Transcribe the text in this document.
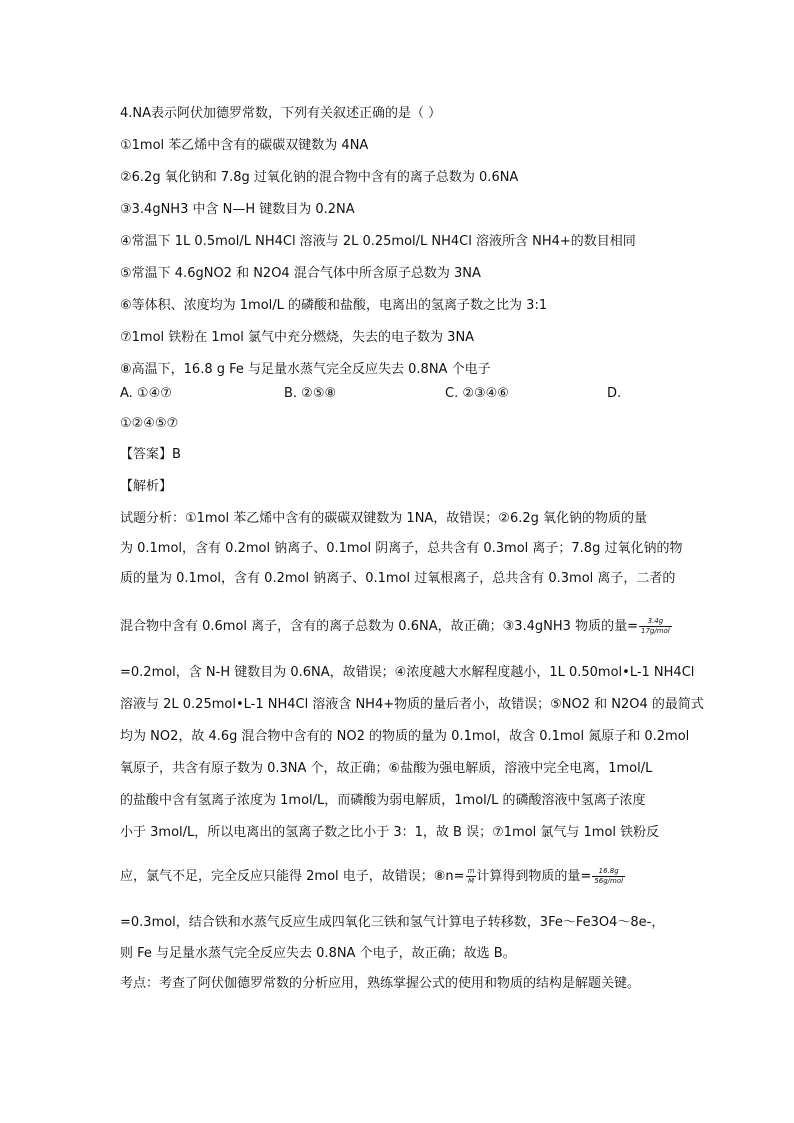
4.NA表示阿伏加德罗常数，下列有关叙述正确的是（ ）
①1mol 苯乙烯中含有的碳碳双键数为 4NA
②6.2g 氧化钠和 7.8g 过氧化钠的混合物中含有的离子总数为 0.6NA
③3.4gNH3 中含 N—H 键数目为 0.2NA
④常温下 1L 0.5mol/L NH4Cl 溶液与 2L 0.25mol/L NH4Cl 溶液所含 NH4+的数目相同
⑤常温下 4.6gNO2 和 N2O4 混合气体中所含原子总数为 3NA
⑥等体积、浓度均为 1mol/L 的磷酸和盐酸，电离出的氢离子数之比为 3:1
⑦1mol 铁粉在 1mol 氯气中充分燃烧，失去的电子数为 3NA
⑧高温下，16.8 g Fe 与足量水蒸气完全反应失去 0.8NA 个电子
A. ①④⑦	B. ②⑤⑧	C. ②③④⑥	D.
①②④⑤⑦
【答案】B
【解析】
试题分析：①1mol 苯乙烯中含有的碳碳双键数为 1NA，故错误；②6.2g 氧化钠的物质的量
为 0.1mol，含有 0.2mol 钠离子、0.1mol 阴离子，总共含有 0.3mol 离子；7.8g 过氧化钠的物
质的量为 0.1mol，含有 0.2mol 钠离子、0.1mol 过氧根离子，总共含有 0.3mol 离子，二者的
混合物中含有 0.6mol 离子，含有的离子总数为 0.6NA，故正确；③3.4gNH3 物质的量= $\frac{3.4g}{\text{17g/mol}}$
=0.2mol，含 N-H 键数目为 0.6NA，故错误；④浓度越大水解程度越小，1L 0.50mol•L-1 NH4Cl
溶液与 2L 0.25mol•L-1 NH4Cl 溶液含 NH4+物质的量后者小，故错误；⑤NO2 和 N2O4 的最简式
均为 NO2，故 4.6g 混合物中含有的 NO2 的物质的量为 0.1mol，故含 0.1mol 氮原子和 0.2mol
氧原子，共含有原子数为 0.3NA 个，故正确；⑥盐酸为强电解质，溶液中完全电离，1mol/L
的盐酸中含有氢离子浓度为 1mol/L，而磷酸为弱电解质，1mol/L 的磷酸溶液中氢离子浓度
小于 3mol/L，所以电离出的氢离子数之比小于 3：1，故 B 误；⑦1mol 氯气与 1mol 铁粉反
应，氯气不足，完全反应只能得 2mol 电子，故错误；⑧n= $\frac{m}{M}$ 计算得到物质的量= $\frac{16.8g}{\text{56g/mol}}$
=0.3mol，结合铁和水蒸气反应生成四氧化三铁和氢气计算电子转移数，3Fe～Fe3O4～8e-，
则 Fe 与足量水蒸气完全反应失去 0.8NA 个电子，故正确；故选 B。
考点：考查了阿伏伽德罗常数的分析应用，熟练掌握公式的使用和物质的结构是解题关键。
